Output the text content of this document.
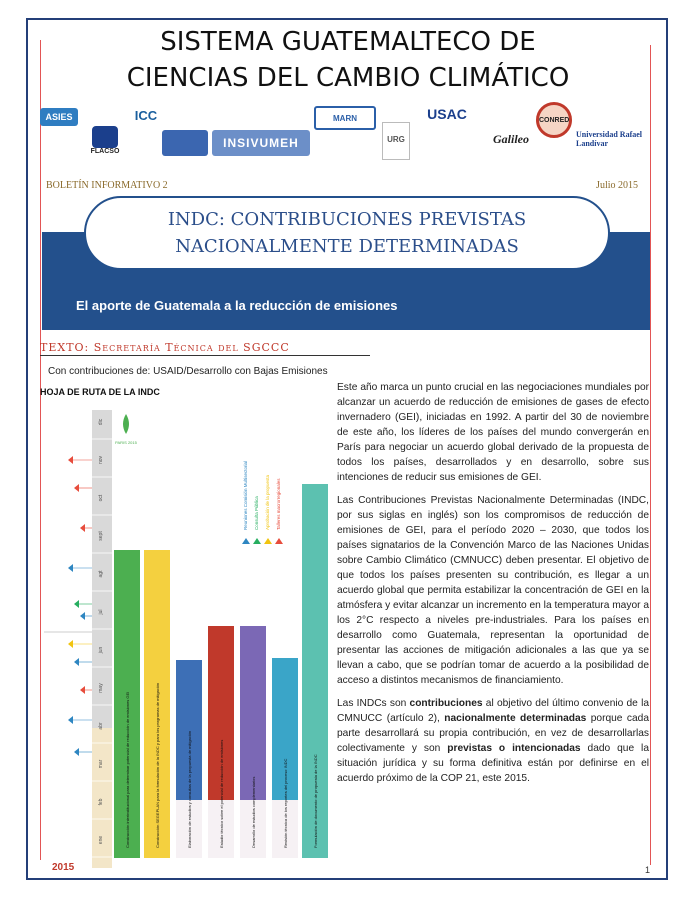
SISTEMA GUATEMALTECO DE
CIENCIAS DEL CAMBIO CLIMÁTICO
ASIES	ICC
FLACSO
INSIVUMEH
MARN
URG
USAC
Galileo
CONRED
Universidad Rafael Landívar
BOLETÍN INFORMATIVO 2	Julio 2015
INDC: CONTRIBUCIONES PREVISTAS
NACIONALMENTE DETERMINADAS
El aporte de Guatemala a la reducción de emisiones
TEXTO: Secretaría Técnica del SGCCC
Con contribuciones de: USAID/Desarrollo con Bajas Emisiones
HOJA DE RUTA DE LA INDC
dic
nov
oct
sept
agt
jul
jun
may
abr
mar
feb
ene
PARIS 2015
Reuniones Comisión Multisectorial Consulta Pública Aprobación de la propuesta Talleres macrorregionales
Construcción interinstitucional para determinar potencial de reducción de emisiones GEI	Construcción SEGEPLAN para la formulación de la INDC y para los programas de mitigación	Elaboración de estudios y consultas de la propuesta de mitigación	Estudio técnico sobre el potencial de reducción de emisiones	Desarrollo de estudios complementarios	Revisión técnica de los reportes del proceso INDC	Formulación de documento de propuesta de la INDC
2015

Este año marca un punto crucial en las negociaciones mundiales por alcanzar un acuerdo de reducción de emisiones de gases de efecto invernadero (GEI), iniciadas en 1992. A partir del 30 de noviembre de este año, los líderes de los países del mundo convergerán en París para negociar un acuerdo global derivado de la propuesta de todos los países, desarrollados y en desarrollo, sobre sus intenciones de reducir sus emisiones de GEI.

Las Contribuciones Previstas Nacionalmente Determinadas (INDC, por sus siglas en inglés) son los compromisos de reducción de emisiones de GEI, para el período 2020 – 2030, que todos los países signatarios de la Convención Marco de las Naciones Unidas sobre Cambio Climático (CMNUCC) deben presentar. El objetivo de que todos los países presenten su contribución, es llegar a un acuerdo global que permita estabilizar la concentración de GEI en la atmósfera y evitar alcanzar un incremento en la temperatura mayor a los 2°C respecto a niveles pre-industriales. Para los países en desarrollo como Guatemala, representan la oportunidad de presentar las acciones de mitigación adicionales a las que ya se llevan a cabo, que se podrían tomar de acuerdo a la posibilidad de acceso a distintos mecanismos de financiamiento.

Las INDCs son contribuciones al objetivo del último convenio de la CMNUCC (artículo 2), nacionalmente determinadas porque cada parte desarrollará su propia contribución, en vez de desarrollarlas colectivamente y son previstas o intencionadas dado que la situación jurídica y su forma definitiva están por definirse en el acuerdo próximo de la COP 21, este 2015.

1
